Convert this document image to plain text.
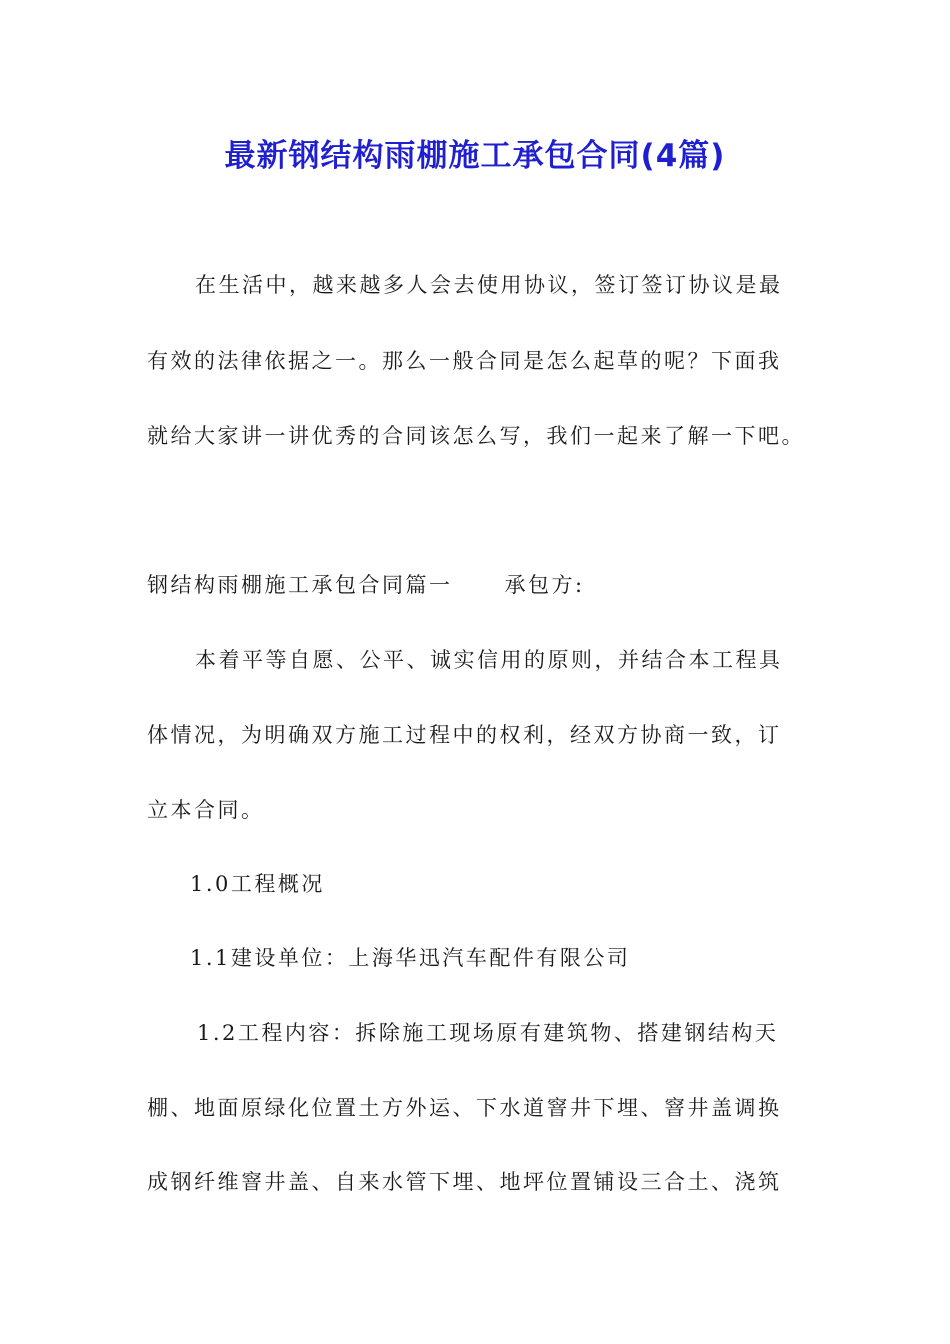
最新钢结构雨棚施工承包合同(4篇)
在生活中，越来越多人会去使用协议，签订签订协议是最
有效的法律依据之一。那么一般合同是怎么起草的呢？下面我
就给大家讲一讲优秀的合同该怎么写，我们一起来了解一下吧。
钢结构雨棚施工承包合同篇一 承包方:
本着平等自愿、公平、诚实信用的原则，并结合本工程具
体情况，为明确双方施工过程中的权利，经双方协商一致，订
立本合同。
1.0工程概况
1.1建设单位：上海华迅汽车配件有限公司
1.2工程内容：拆除施工现场原有建筑物、搭建钢结构天
棚、地面原绿化位置土方外运、下水道窨井下埋、窨井盖调换
成钢纤维窨井盖、自来水管下埋、地坪位置铺设三合土、浇筑
